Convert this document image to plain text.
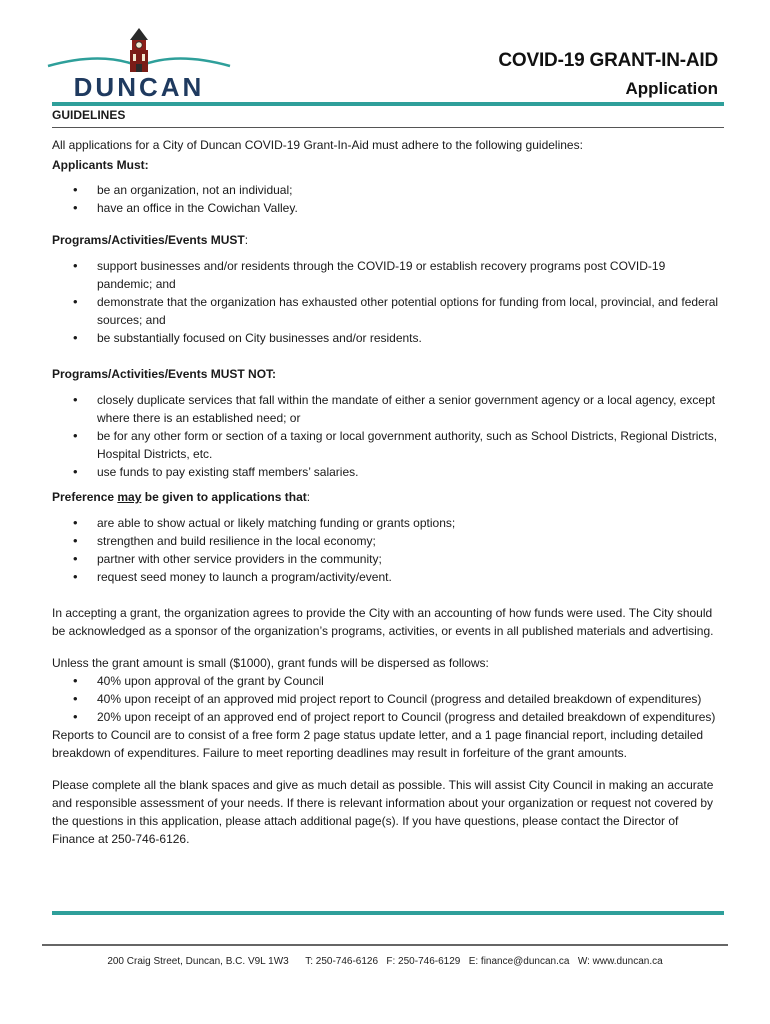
DUNCAN
COVID-19 GRANT-IN-AID
Application
GUIDELINES

All applications for a City of Duncan COVID-19 Grant-In-Aid must adhere to the following guidelines:

Applicants Must:

• be an organization, not an individual;
• have an office in the Cowichan Valley.

Programs/Activities/Events MUST:

• support businesses and/or residents through the COVID-19 or establish recovery programs post COVID-19 pandemic; and
• demonstrate that the organization has exhausted other potential options for funding from local, provincial, and federal sources; and
• be substantially focused on City businesses and/or residents.

Programs/Activities/Events MUST NOT:

• closely duplicate services that fall within the mandate of either a senior government agency or a local agency, except where there is an established need; or
• be for any other form or section of a taxing or local government authority, such as School Districts, Regional Districts, Hospital Districts, etc.
• use funds to pay existing staff members’ salaries.

Preference may be given to applications that:

• are able to show actual or likely matching funding or grants options;
• strengthen and build resilience in the local economy;
• partner with other service providers in the community;
• request seed money to launch a program/activity/event.

In accepting a grant, the organization agrees to provide the City with an accounting of how funds were used. The City should be acknowledged as a sponsor of the organization’s programs, activities, or events in all published materials and advertising.

Unless the grant amount is small ($1000), grant funds will be dispersed as follows:

• 40% upon approval of the grant by Council
• 40% upon receipt of an approved mid project report to Council (progress and detailed breakdown of expenditures)
• 20% upon receipt of an approved end of project report to Council (progress and detailed breakdown of expenditures)

Reports to Council are to consist of a free form 2 page status update letter, and a 1 page financial report, including detailed breakdown of expenditures. Failure to meet reporting deadlines may result in forfeiture of the grant amounts.

Please complete all the blank spaces and give as much detail as possible. This will assist City Council in making an accurate and responsible assessment of your needs. If there is relevant information about your organization or request not covered by the questions in this application, please attach additional page(s). If you have questions, please contact the Director of Finance at 250-746-6126.

200 Craig Street, Duncan, B.C. V9L 1W3 T: 250-746-6126 F: 250-746-6129 E: finance@duncan.ca W: www.duncan.ca
